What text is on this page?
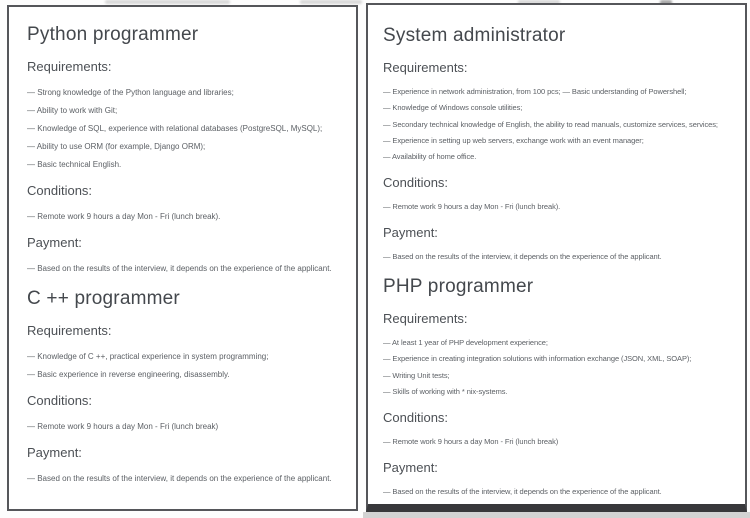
Python programmer
Requirements:

— Strong knowledge of the Python language and libraries;

— Ability to work with Git;

— Knowledge of SQL, experience with relational databases (PostgreSQL, MySQL);

— Ability to use ORM (for example, Django ORM);

— Basic technical English.

Conditions:

— Remote work 9 hours a day Mon - Fri (lunch break).

Payment:

— Based on the results of the interview, it depends on the experience of the applicant.

C ++ programmer
Requirements:

— Knowledge of C ++, practical experience in system programming;

— Basic experience in reverse engineering, disassembly.

Conditions:

— Remote work 9 hours a day Mon - Fri (lunch break)

Payment:

— Based on the results of the interview, it depends on the experience of the applicant.

System administrator
Requirements:

— Experience in network administration, from 100 pcs; — Basic understanding of Powershell;

— Knowledge of Windows console utilities;

— Secondary technical knowledge of English, the ability to read manuals, customize services, services;

— Experience in setting up web servers, exchange work with an event manager;

— Availability of home office.

Conditions:

— Remote work 9 hours a day Mon - Fri (lunch break).

Payment:

— Based on the results of the interview, it depends on the experience of the applicant.

PHP programmer
Requirements:

— At least 1 year of PHP development experience;

— Experience in creating integration solutions with information exchange (JSON, XML, SOAP);

— Writing Unit tests;

— Skills of working with * nix-systems.

Conditions:

— Remote work 9 hours a day Mon - Fri (lunch break)

Payment:

— Based on the results of the interview, it depends on the experience of the applicant.
